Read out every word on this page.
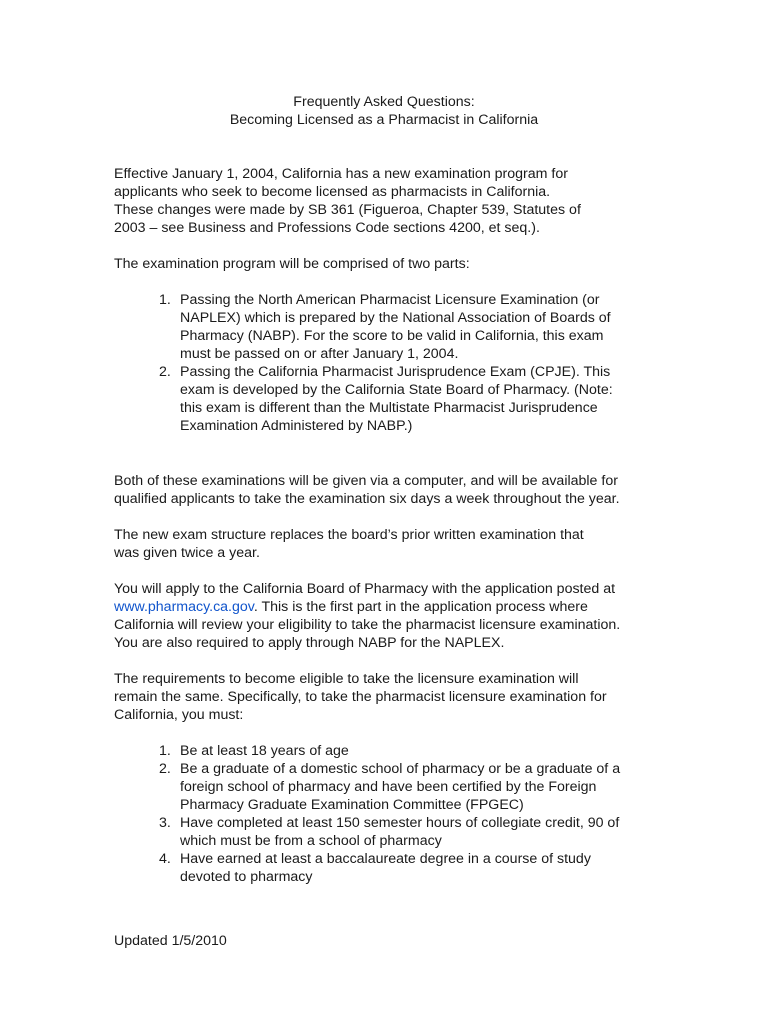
Frequently Asked Questions:
Becoming Licensed as a Pharmacist in California
Effective January 1, 2004, California has a new examination program for
applicants who seek to become licensed as pharmacists in California.
These changes were made by SB 361 (Figueroa, Chapter 539, Statutes of
2003 – see Business and Professions Code sections 4200, et seq.).
The examination program will be comprised of two parts:
1. Passing the North American Pharmacist Licensure Examination (or
NAPLEX) which is prepared by the National Association of Boards of
Pharmacy (NABP). For the score to be valid in California, this exam
must be passed on or after January 1, 2004.
2. Passing the California Pharmacist Jurisprudence Exam (CPJE). This
exam is developed by the California State Board of Pharmacy. (Note:
this exam is different than the Multistate Pharmacist Jurisprudence
Examination Administered by NABP.)
Both of these examinations will be given via a computer, and will be available for
qualified applicants to take the examination six days a week throughout the year.
The new exam structure replaces the board’s prior written examination that
was given twice a year.
You will apply to the California Board of Pharmacy with the application posted at
www.pharmacy.ca.gov. This is the first part in the application process where
California will review your eligibility to take the pharmacist licensure examination.
You are also required to apply through NABP for the NAPLEX.
The requirements to become eligible to take the licensure examination will
remain the same. Specifically, to take the pharmacist licensure examination for
California, you must:
1. Be at least 18 years of age
2. Be a graduate of a domestic school of pharmacy or be a graduate of a
foreign school of pharmacy and have been certified by the Foreign
Pharmacy Graduate Examination Committee (FPGEC)
3. Have completed at least 150 semester hours of collegiate credit, 90 of
which must be from a school of pharmacy
4. Have earned at least a baccalaureate degree in a course of study
devoted to pharmacy
Updated 1/5/2010
